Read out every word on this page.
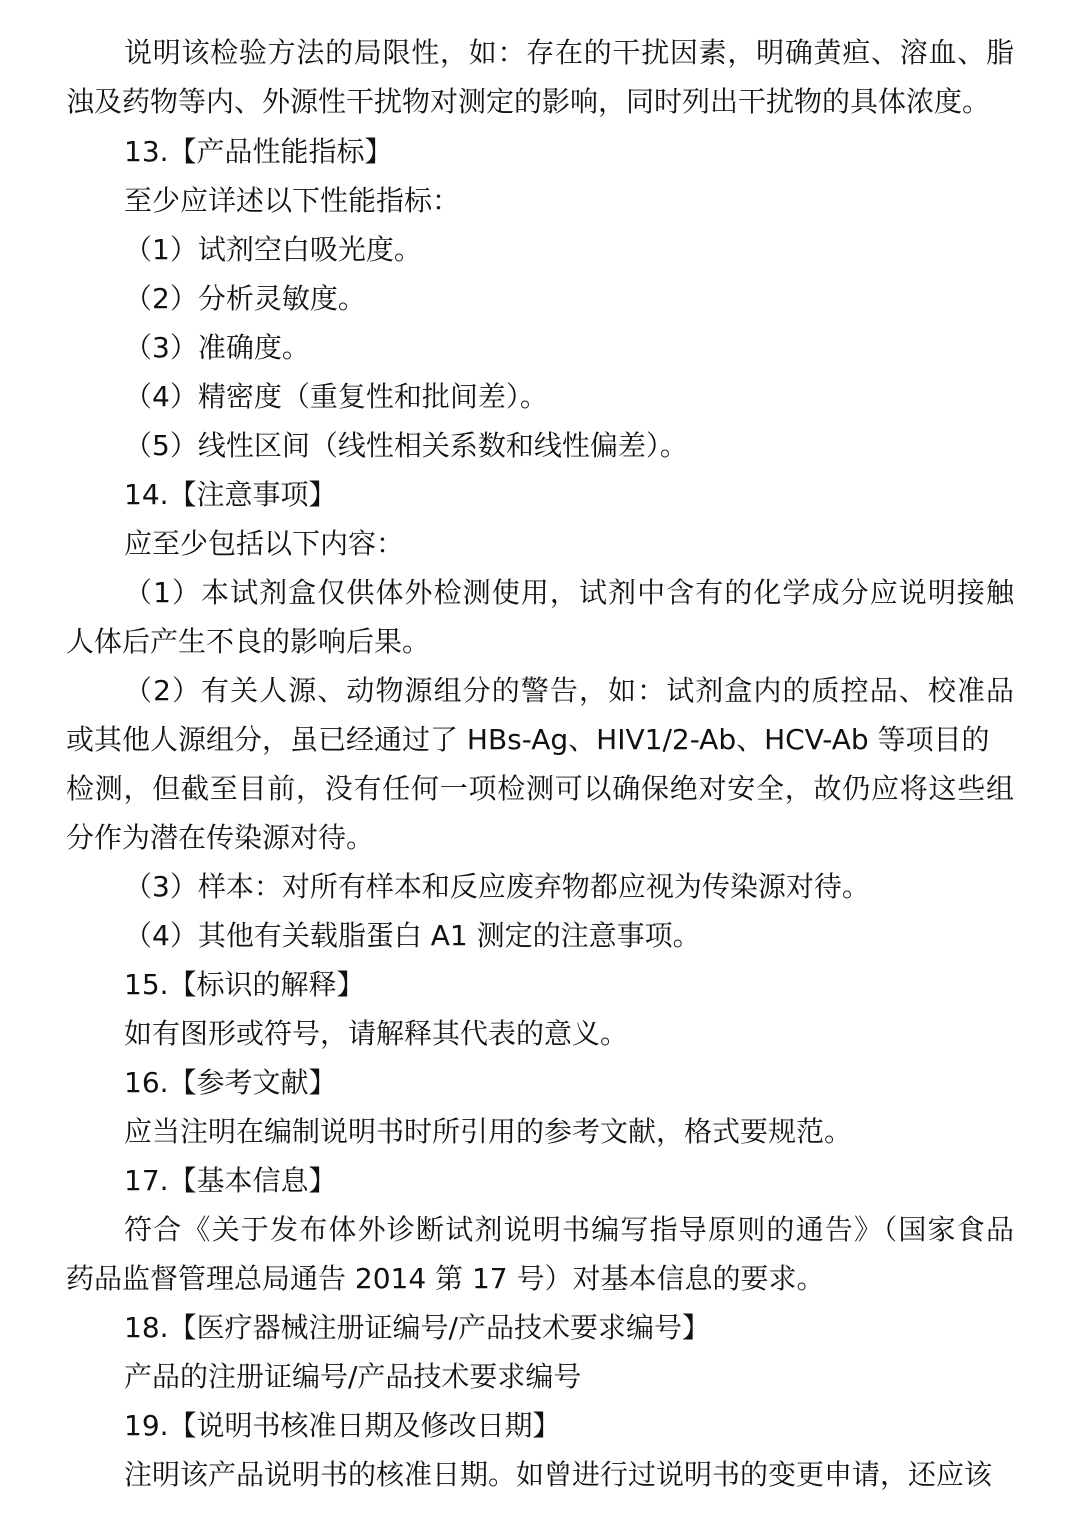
说明该检验方法的局限性，如：存在的干扰因素，明确黄疸、溶血、脂
浊及药物等内、外源性干扰物对测定的影响，同时列出干扰物的具体浓度。
13.【产品性能指标】
至少应详述以下性能指标：
（1）试剂空白吸光度。
（2）分析灵敏度。
（3）准确度。
（4）精密度（重复性和批间差）。
（5）线性区间（线性相关系数和线性偏差）。
14.【注意事项】
应至少包括以下内容：
（1）本试剂盒仅供体外检测使用，试剂中含有的化学成分应说明接触
人体后产生不良的影响后果。
（2）有关人源、动物源组分的警告，如：试剂盒内的质控品、校准品
或其他人源组分，虽已经通过了 HBs-Ag、HIV1/2-Ab、HCV-Ab 等项目的
检测，但截至目前，没有任何一项检测可以确保绝对安全，故仍应将这些组
分作为潜在传染源对待。
（3）样本：对所有样本和反应废弃物都应视为传染源对待。
（4）其他有关载脂蛋白 A1 测定的注意事项。
15.【标识的解释】
如有图形或符号，请解释其代表的意义。
16.【参考文献】
应当注明在编制说明书时所引用的参考文献，格式要规范。
17.【基本信息】
符合《关于发布体外诊断试剂说明书编写指导原则的通告》（国家食品
药品监督管理总局通告 2014 第 17 号）对基本信息的要求。
18.【医疗器械注册证编号/产品技术要求编号】
产品的注册证编号/产品技术要求编号
19.【说明书核准日期及修改日期】
注明该产品说明书的核准日期。如曾进行过说明书的变更申请，还应该
